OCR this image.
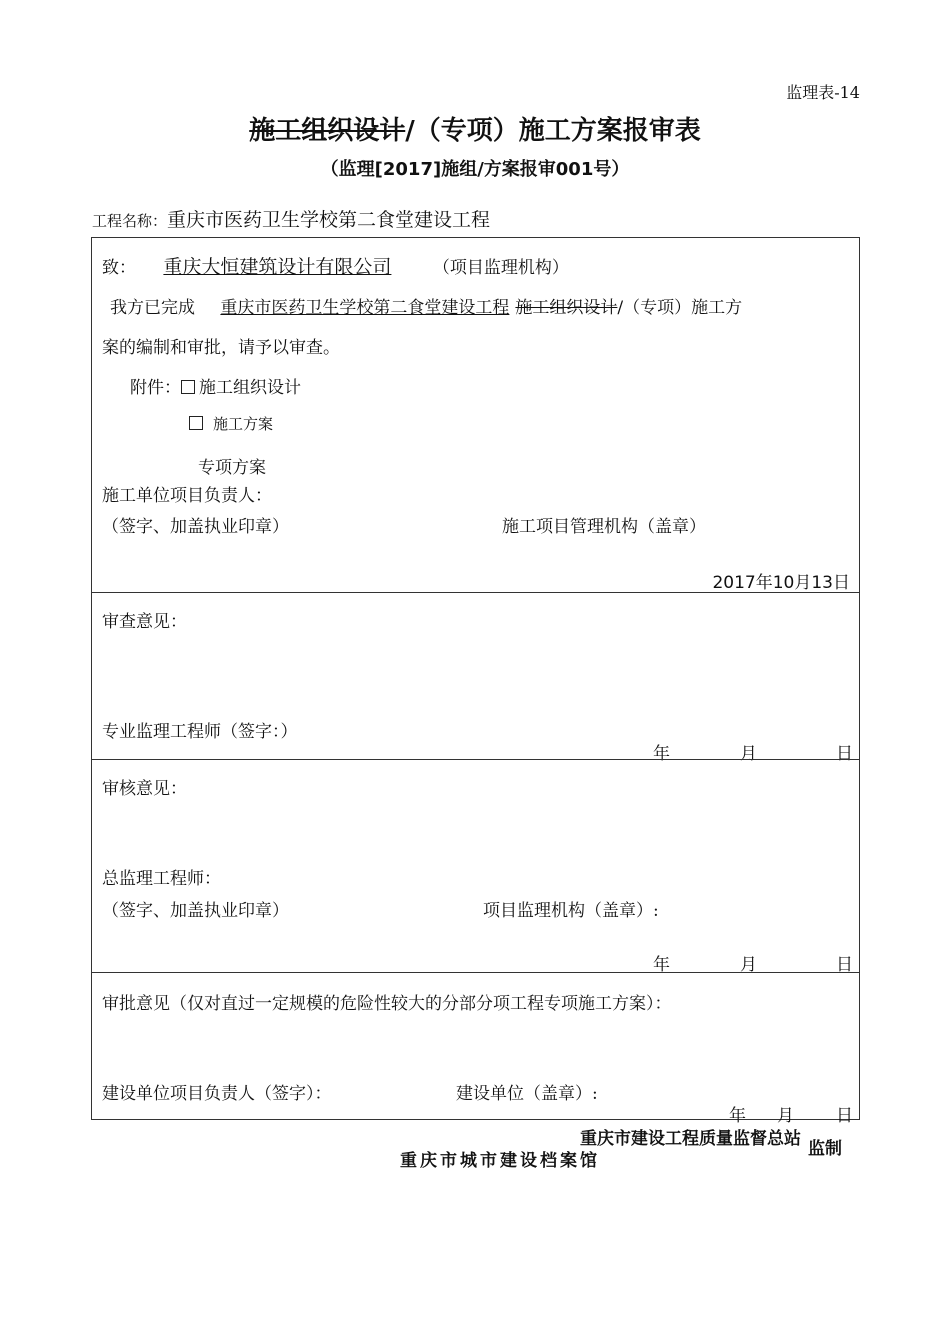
监理表-14
施工组织设计/（专项）施工方案报审表
（监理[2017]施组/方案报审001号）
工程名称：重庆市医药卫生学校第二食堂建设工程
致： 重庆大恒建筑设计有限公司 （项目监理机构）
我方已完成 重庆市医药卫生学校第二食堂建设工程 施工组织设计/（专项）施工方
案的编制和审批，请予以审查。
附件： 施工组织设计
施工方案
专项方案
施工单位项目负责人：
（签字、加盖执业印章）	施工项目管理机构（盖章）
2017年10月13日
审查意见：
专业监理工程师（签字：）
年	月	日
审核意见：
总监理工程师：
（签字、加盖执业印章）	项目监理机构（盖章）:
年	月	日
审批意见（仅对直过一定规模的危险性较大的分部分项工程专项施工方案）：
建设单位项目负责人（签字）：	建设单位（盖章）:
年 月 日
重庆市建设工程质量监督总站 监制
重庆市城市建设档案馆
